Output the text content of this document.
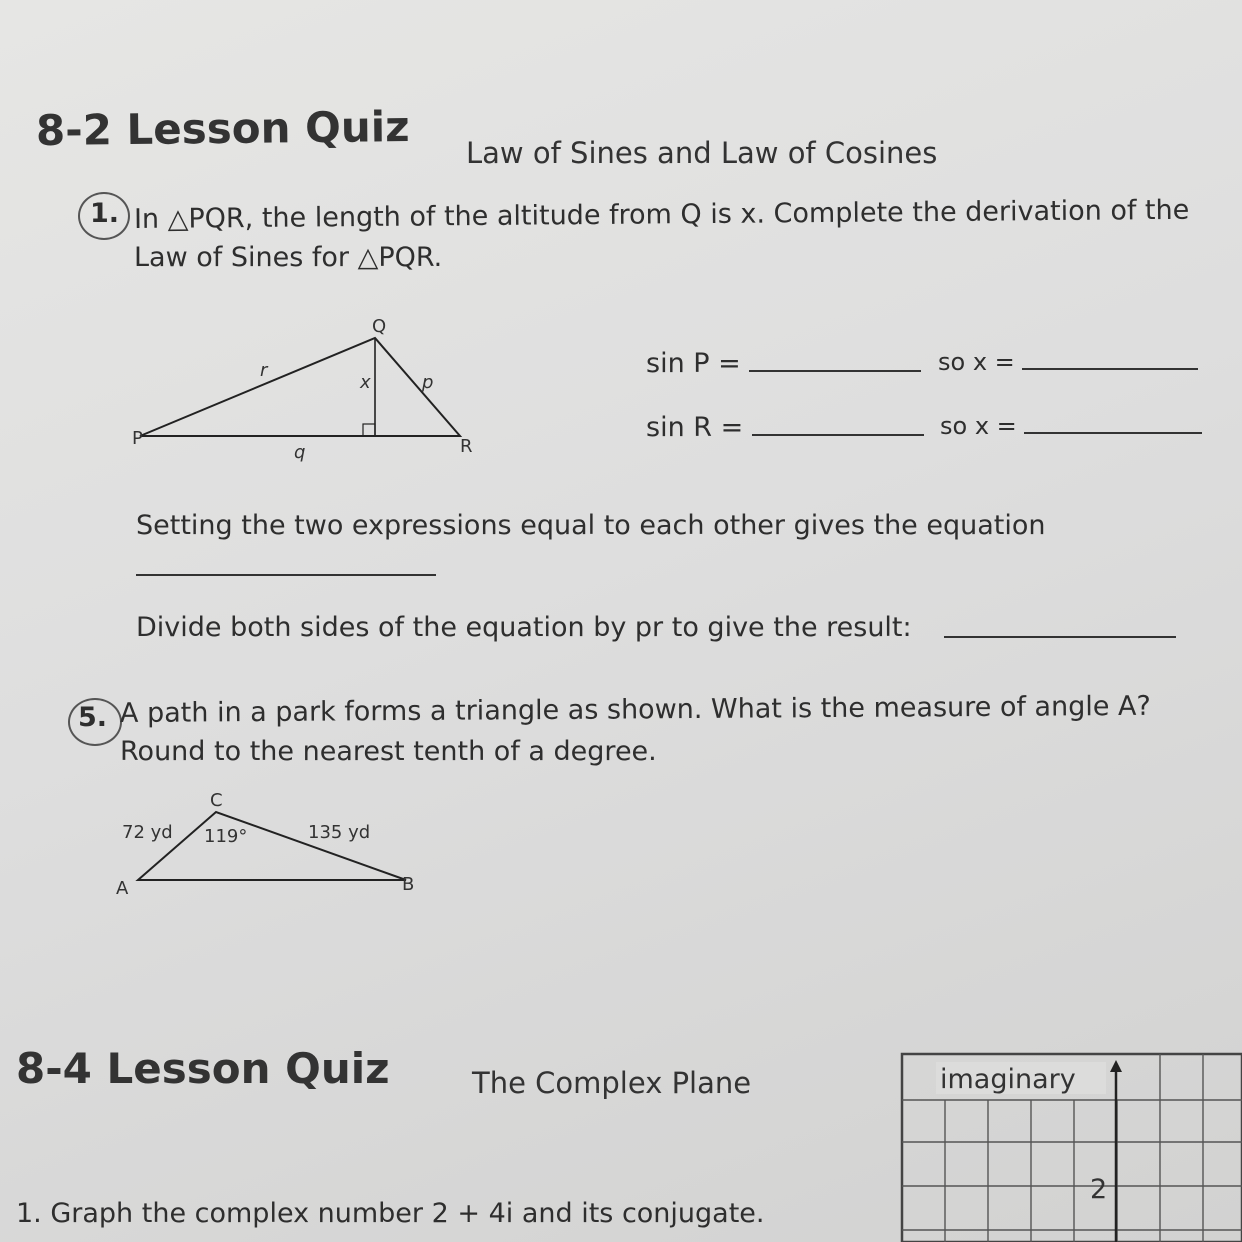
8-2 Lesson Quiz Law of Sines and Law of Cosines
1. In △PQR, the length of the altitude from Q is x. Complete the derivation of the
Law of Sines for △PQR.
Q
P	R
r
p
q
x
sin P =	so x =
sin R =	so x =
Setting the two expressions equal to each other gives the equation
Divide both sides of the equation by pr to give the result:
5. A path in a park forms a triangle as shown. What is the measure of angle A?
Round to the nearest tenth of a degree.
C
A	B
72 yd	135 yd
119°
8-4 Lesson Quiz	The Complex Plane
1. Graph the complex number 2 + 4i and its conjugate.
imaginary
2
